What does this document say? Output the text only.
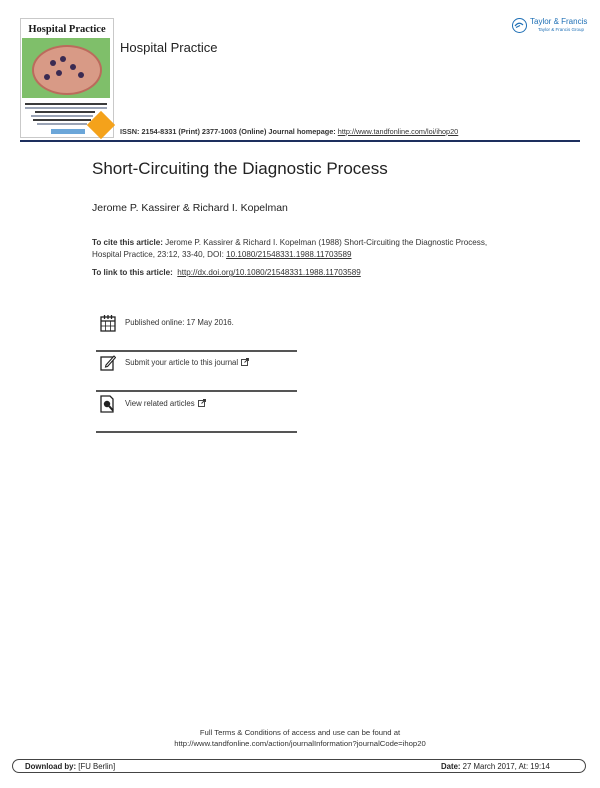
Hospital Practice
Hospital Practice
ISSN: 2154-8331 (Print) 2377-1003 (Online) Journal homepage: http://www.tandfonline.com/loi/ihop20
Taylor & Francis
Taylor & Francis Group
Short-Circuiting the Diagnostic Process
Jerome P. Kassirer & Richard I. Kopelman
To cite this article: Jerome P. Kassirer & Richard I. Kopelman (1988) Short-Circuiting the Diagnostic Process, Hospital Practice, 23:12, 33-40, DOI: 10.1080/21548331.1988.11703589
To link to this article: http://dx.doi.org/10.1080/21548331.1988.11703589
Published online: 17 May 2016.
Submit your article to this journal
View related articles
Full Terms & Conditions of access and use can be found at
http://www.tandfonline.com/action/journalInformation?journalCode=ihop20
Download by: [FU Berlin]	Date: 27 March 2017, At: 19:14
